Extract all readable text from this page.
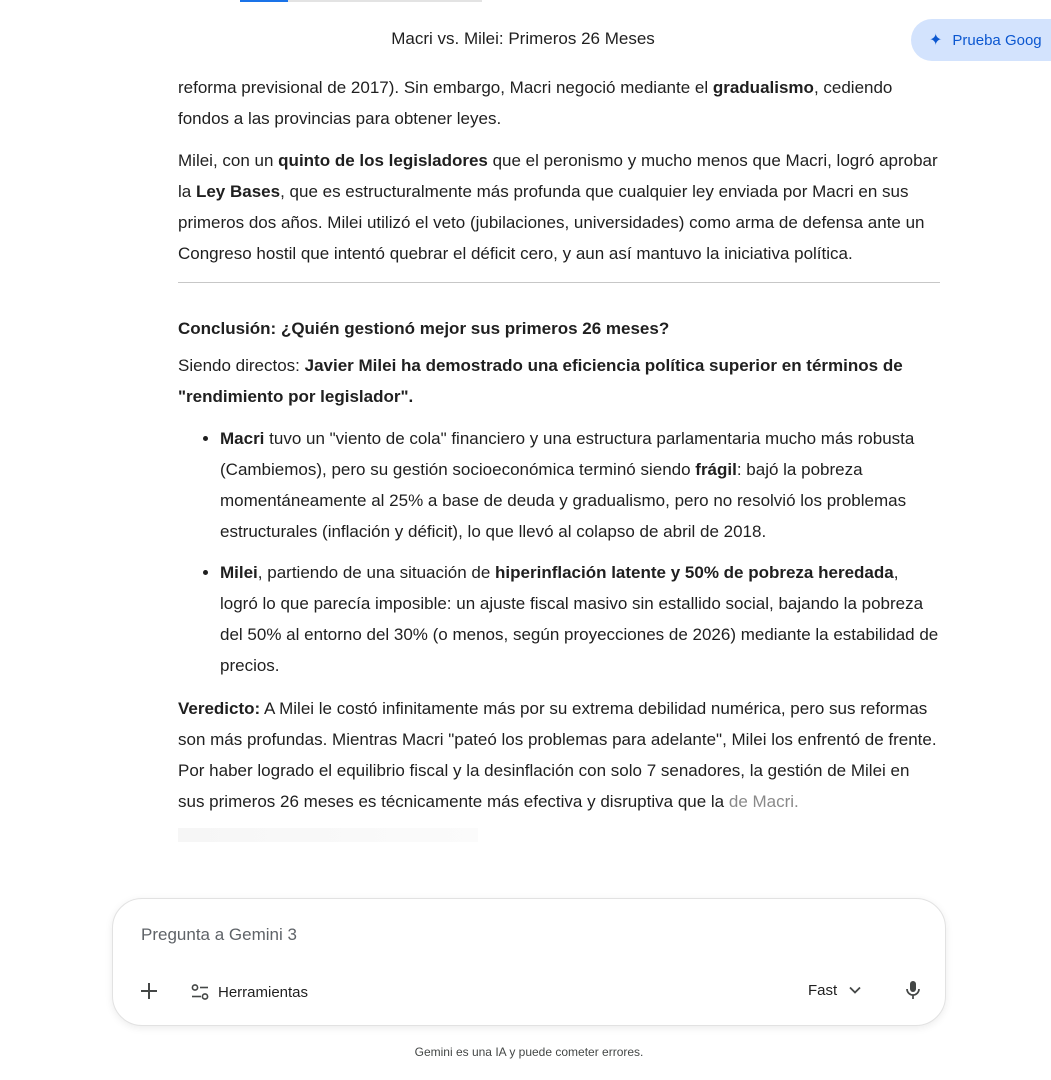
reforma previsional de 2017). Sin embargo, Macri negoció mediante el gradualismo, cediendo fondos a las provincias para obtener leyes.

Milei, con un quinto de los legisladores que el peronismo y mucho menos que Macri, logró aprobar la Ley Bases, que es estructuralmente más profunda que cualquier ley enviada por Macri en sus primeros dos años. Milei utilizó el veto (jubilaciones, universidades) como arma de defensa ante un Congreso hostil que intentó quebrar el déficit cero, y aun así mantuvo la iniciativa política.

Conclusión: ¿Quién gestionó mejor sus primeros 26 meses?

Siendo directos: Javier Milei ha demostrado una eficiencia política superior en términos de "rendimiento por legislador".

• Macri tuvo un "viento de cola" financiero y una estructura parlamentaria mucho más robusta (Cambiemos), pero su gestión socioeconómica terminó siendo frágil: bajó la pobreza momentáneamente al 25% a base de deuda y gradualismo, pero no resolvió los problemas estructurales (inflación y déficit), lo que llevó al colapso de abril de 2018.
• Milei, partiendo de una situación de hiperinflación latente y 50% de pobreza heredada, logró lo que parecía imposible: un ajuste fiscal masivo sin estallido social, bajando la pobreza del 50% al entorno del 30% (o menos, según proyecciones de 2026) mediante la estabilidad de precios.

Veredicto: A Milei le costó infinitamente más por su extrema debilidad numérica, pero sus reformas son más profundas. Mientras Macri "pateó los problemas para adelante", Milei los enfrentó de frente. Por haber logrado el equilibrio fiscal y la desinflación con solo 7 senadores, la gestión de Milei en sus primeros 26 meses es técnicamente más efectiva y disruptiva que la de Macri.

Macri vs. Milei: Primeros 26 Meses	✦ Prueba Goog
Pregunta a Gemini 3
Herramientas	Fast
Gemini es una IA y puede cometer errores.
